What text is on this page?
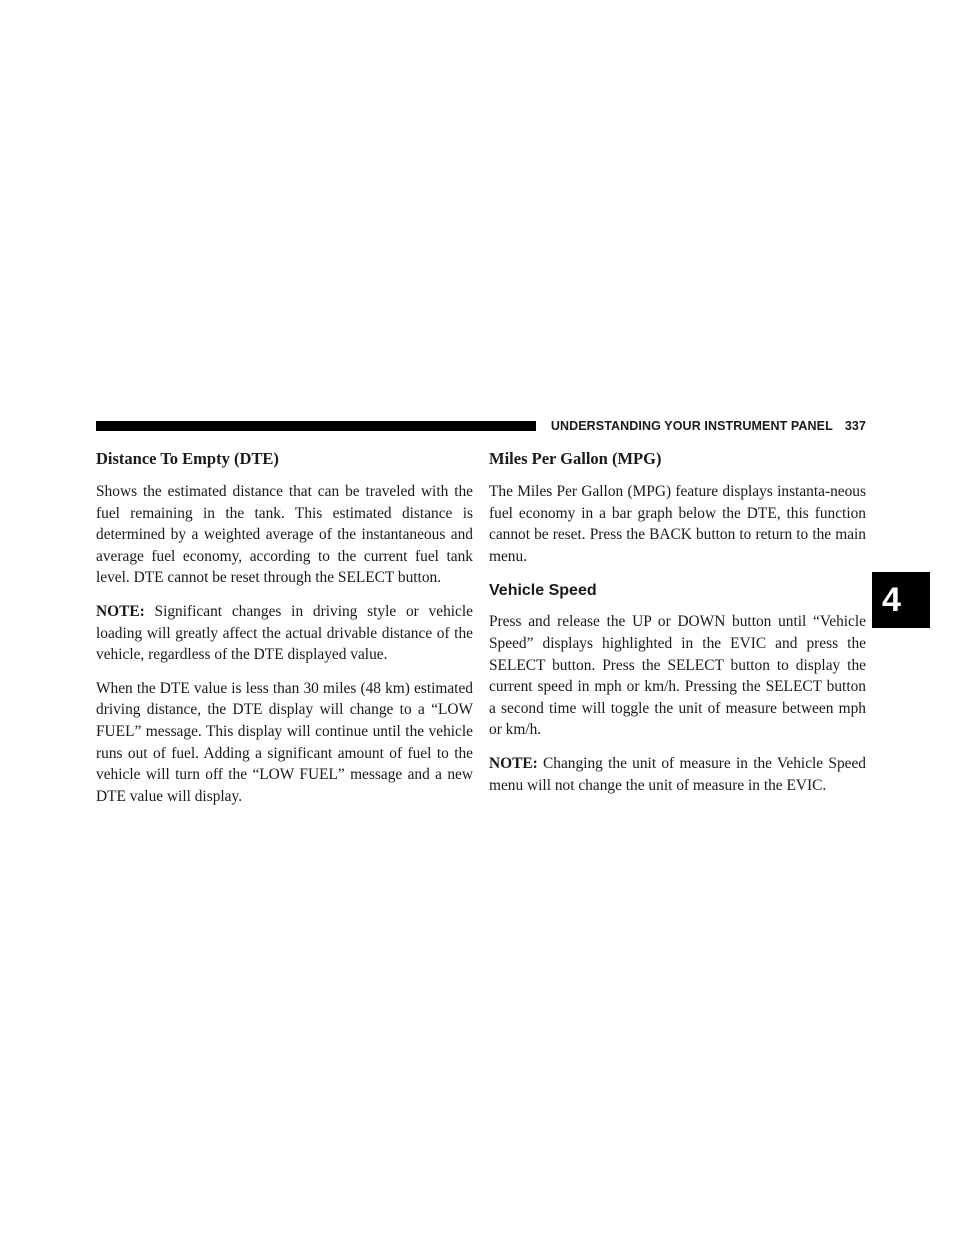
UNDERSTANDING YOUR INSTRUMENT PANEL 337
4
Distance To Empty (DTE)

Shows the estimated distance that can be traveled with the fuel remaining in the tank. This estimated distance is determined by a weighted average of the instantaneous and average fuel economy, according to the current fuel tank level. DTE cannot be reset through the SELECT button.

NOTE: Significant changes in driving style or vehicle loading will greatly affect the actual drivable distance of the vehicle, regardless of the DTE displayed value.

When the DTE value is less than 30 miles (48 km) estimated driving distance, the DTE display will change to a “LOW FUEL” message. This display will continue until the vehicle runs out of fuel. Adding a significant amount of fuel to the vehicle will turn off the “LOW FUEL” message and a new DTE value will display.

Miles Per Gallon (MPG)

The Miles Per Gallon (MPG) feature displays instanta-neous fuel economy in a bar graph below the DTE, this function cannot be reset. Press the BACK button to return to the main menu.

Vehicle Speed

Press and release the UP or DOWN button until “Vehicle Speed” displays highlighted in the EVIC and press the SELECT button. Press the SELECT button to display the current speed in mph or km/h. Pressing the SELECT button a second time will toggle the unit of measure between mph or km/h.

NOTE: Changing the unit of measure in the Vehicle Speed menu will not change the unit of measure in the EVIC.
